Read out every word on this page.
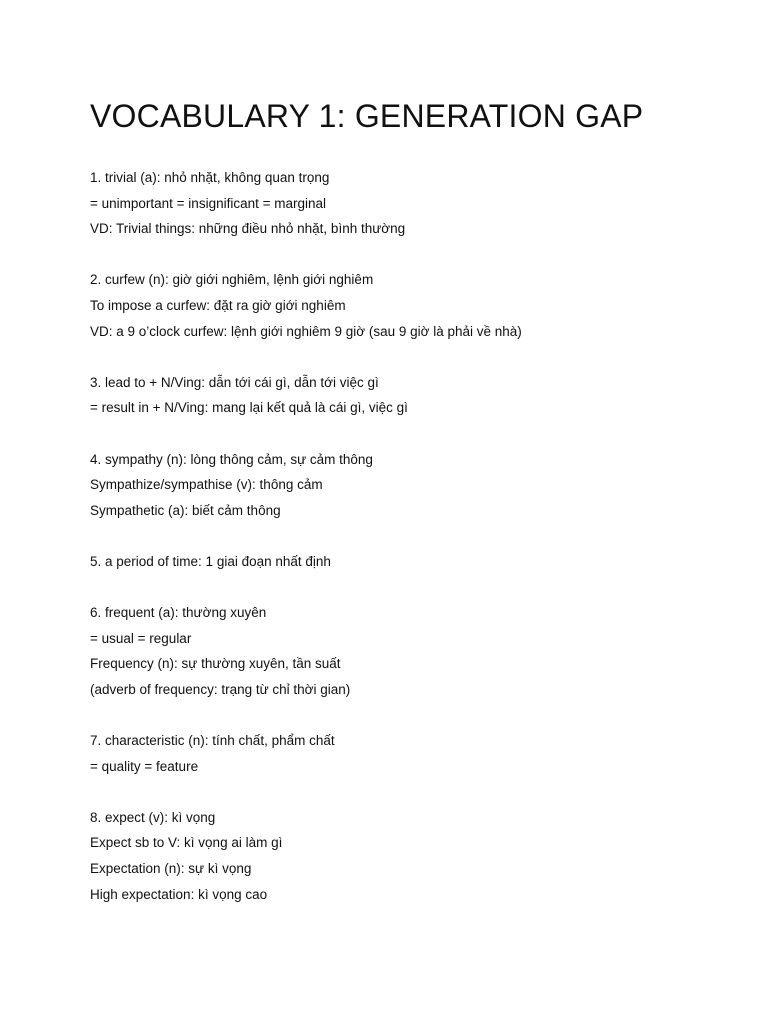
VOCABULARY 1: GENERATION GAP
1. trivial (a): nhỏ nhặt, không quan trọng
= unimportant = insignificant = marginal
VD: Trivial things: những điều nhỏ nhặt, bình thường
2. curfew (n): giờ giới nghiêm, lệnh giới nghiêm
To impose a curfew: đặt ra giờ giới nghiêm
VD: a 9 o’clock curfew: lệnh giới nghiêm 9 giờ (sau 9 giờ là phải về nhà)
3. lead to + N/Ving: dẫn tới cái gì, dẫn tới việc gì
= result in + N/Ving: mang lại kết quả là cái gì, việc gì
4. sympathy (n): lòng thông cảm, sự cảm thông
Sympathize/sympathise (v): thông cảm
Sympathetic (a): biết cảm thông
5. a period of time: 1 giai đoạn nhất định
6. frequent (a): thường xuyên
= usual = regular
Frequency (n): sự thường xuyên, tần suất
(adverb of frequency: trạng từ chỉ thời gian)
7. characteristic (n): tính chất, phẩm chất
= quality = feature
8. expect (v): kì vọng
Expect sb to V: kì vọng ai làm gì
Expectation (n): sự kì vọng
High expectation: kì vọng cao
